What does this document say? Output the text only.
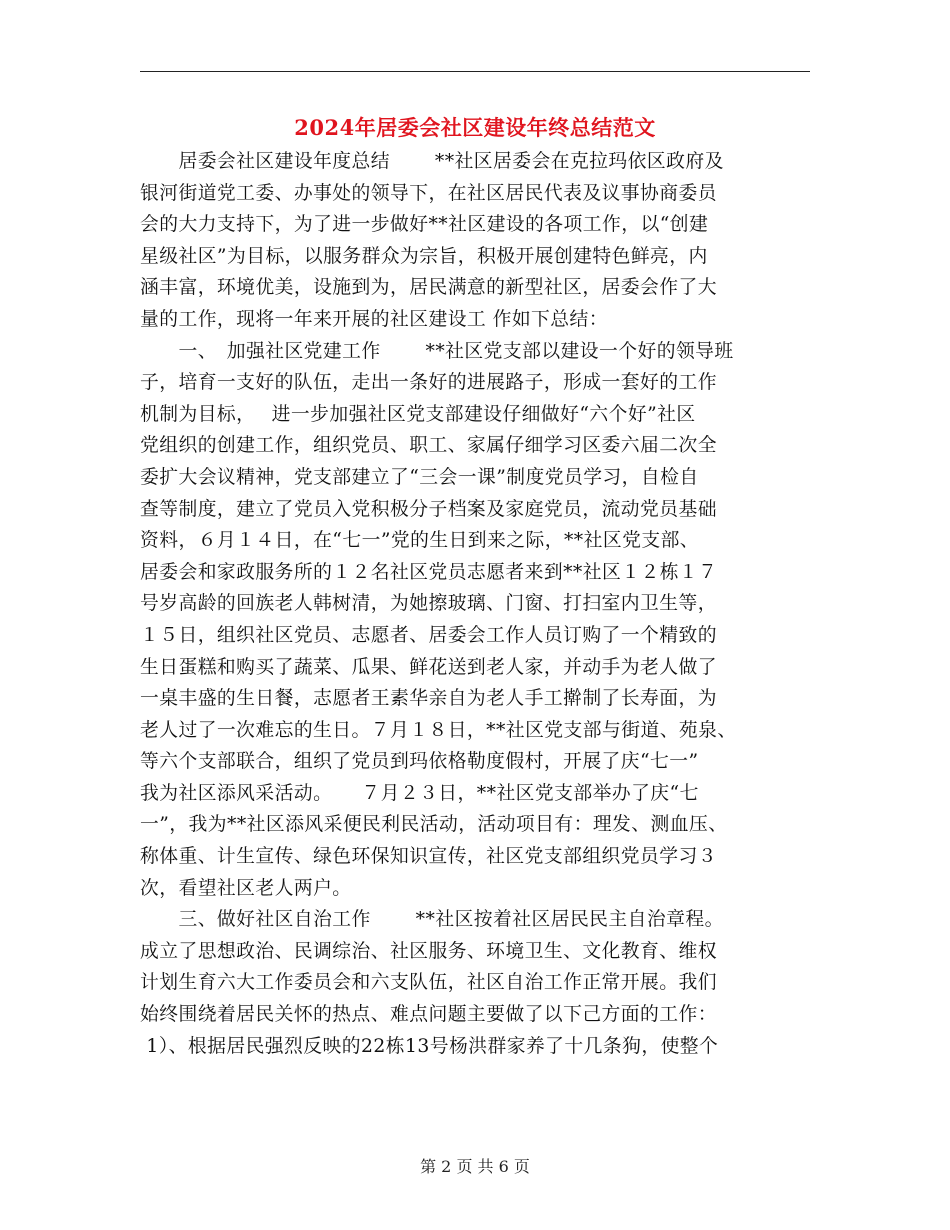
2024年居委会社区建设年终总结范文
　　居委会社区建设年度总结　　 **社区居委会在克拉玛依区政府及
银河街道党工委、办事处的领导下，在社区居民代表及议事协商委员
会的大力支持下，为了进一步做好**社区建设的各项工作，以“创建
星级社区”为目标，以服务群众为宗旨，积极开展创建特色鲜亮，内
涵丰富，环境优美，设施到为，居民满意的新型社区，居委会作了大
量的工作，现将一年来开展的社区建设工 作如下总结：
　　一、　加强社区党建工作　　 **社区党支部以建设一个好的领导班
子，培育一支好的队伍，走出一条好的进展路子，形成一套好的工作
机制为目标，　 进一步加强社区党支部建设仔细做好“六个好”社区
党组织的创建工作，组织党员、职工、家属仔细学习区委六届二次全
委扩大会议精神，党支部建立了“三会一课”制度党员学习，自检自
查等制度，建立了党员入党积极分子档案及家庭党员，流动党员基础
资料，６月１４日，在“七一”党的生日到来之际，**社区党支部、
居委会和家政服务所的１２名社区党员志愿者来到**社区１２栋１７
号岁高龄的回族老人韩树清，为她擦玻璃、门窗、打扫室内卫生等，
１５日，组织社区党员、志愿者、居委会工作人员订购了一个精致的
生日蛋糕和购买了蔬菜、瓜果、鲜花送到老人家，并动手为老人做了
一桌丰盛的生日餐，志愿者王素华亲自为老人手工擀制了长寿面，为
老人过了一次难忘的生日。７月１８日，**社区党支部与街道、苑泉、
等六个支部联合，组织了党员到玛依格勒度假村，开展了庆“七一”
我为社区添风采活动。　　７月２３日，**社区党支部举办了庆“七
一”，我为**社区添风采便民利民活动，活动项目有：理发、测血压、
称体重、计生宣传、绿色环保知识宣传，社区党支部组织党员学习３
次，看望社区老人两户。
　　三、做好社区自治工作　　 **社区按着社区居民民主自治章程。
成立了思想政治、民调综治、社区服务、环境卫生、文化教育、维权
计划生育六大工作委员会和六支队伍，社区自治工作正常开展。我们
始终围绕着居民关怀的热点、难点问题主要做了以下己方面的工作：
1）、根据居民强烈反映的22栋13号杨洪群家养了十几条狗，使整个
第 2 页 共 6 页
